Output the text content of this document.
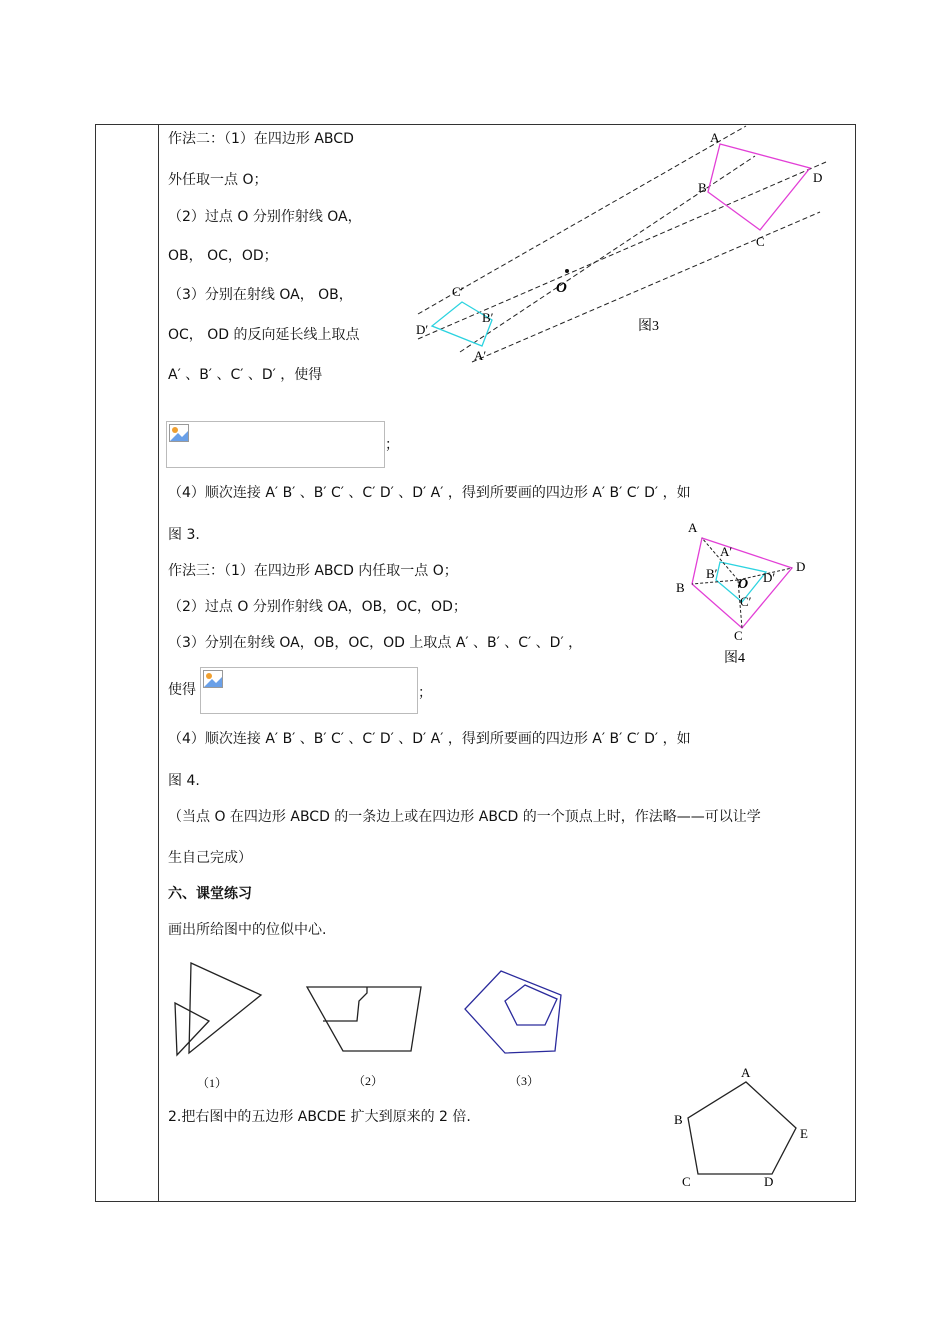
作法二：（1）在四边形 ABCD
外任取一点 O；
（2）过点 O 分别作射线 OA，
OB， OC，OD；
（3）分别在射线 OA， OB，
OC， OD 的反向延长线上取点
A′ 、B′ 、C′ 、D′ ，使得
；
（4）顺次连接 A′ B′ 、B′ C′ 、C′ D′ 、D′ A′ ，得到所要画的四边形 A′ B′ C′ D′ ，如
图 3.
A
B
D
C
O
C′
B′
D′
A′
图3
作法三：（1）在四边形 ABCD 内任取一点 O；
（2）过点 O 分别作射线 OA，OB，OC，OD；
（3）分别在射线 OA，OB，OC，OD 上取点 A′ 、B′ 、C′ 、D′ ，
使得	；
（4）顺次连接 A′ B′ 、B′ C′ 、C′ D′ 、D′ A′ ，得到所要画的四边形 A′ B′ C′ D′ ，如
图 4.
A
A′
D
B
B′	D′
O
C′
C
图4
（当点 O 在四边形 ABCD 的一条边上或在四边形 ABCD 的一个顶点上时，作法略——可以让学
生自己完成）
六、课堂练习
画出所给图中的位似中心.
（1）	（2）	（3）
2.把右图中的五边形 ABCDE 扩大到原来的 2 倍.
A
B
E
C	D
